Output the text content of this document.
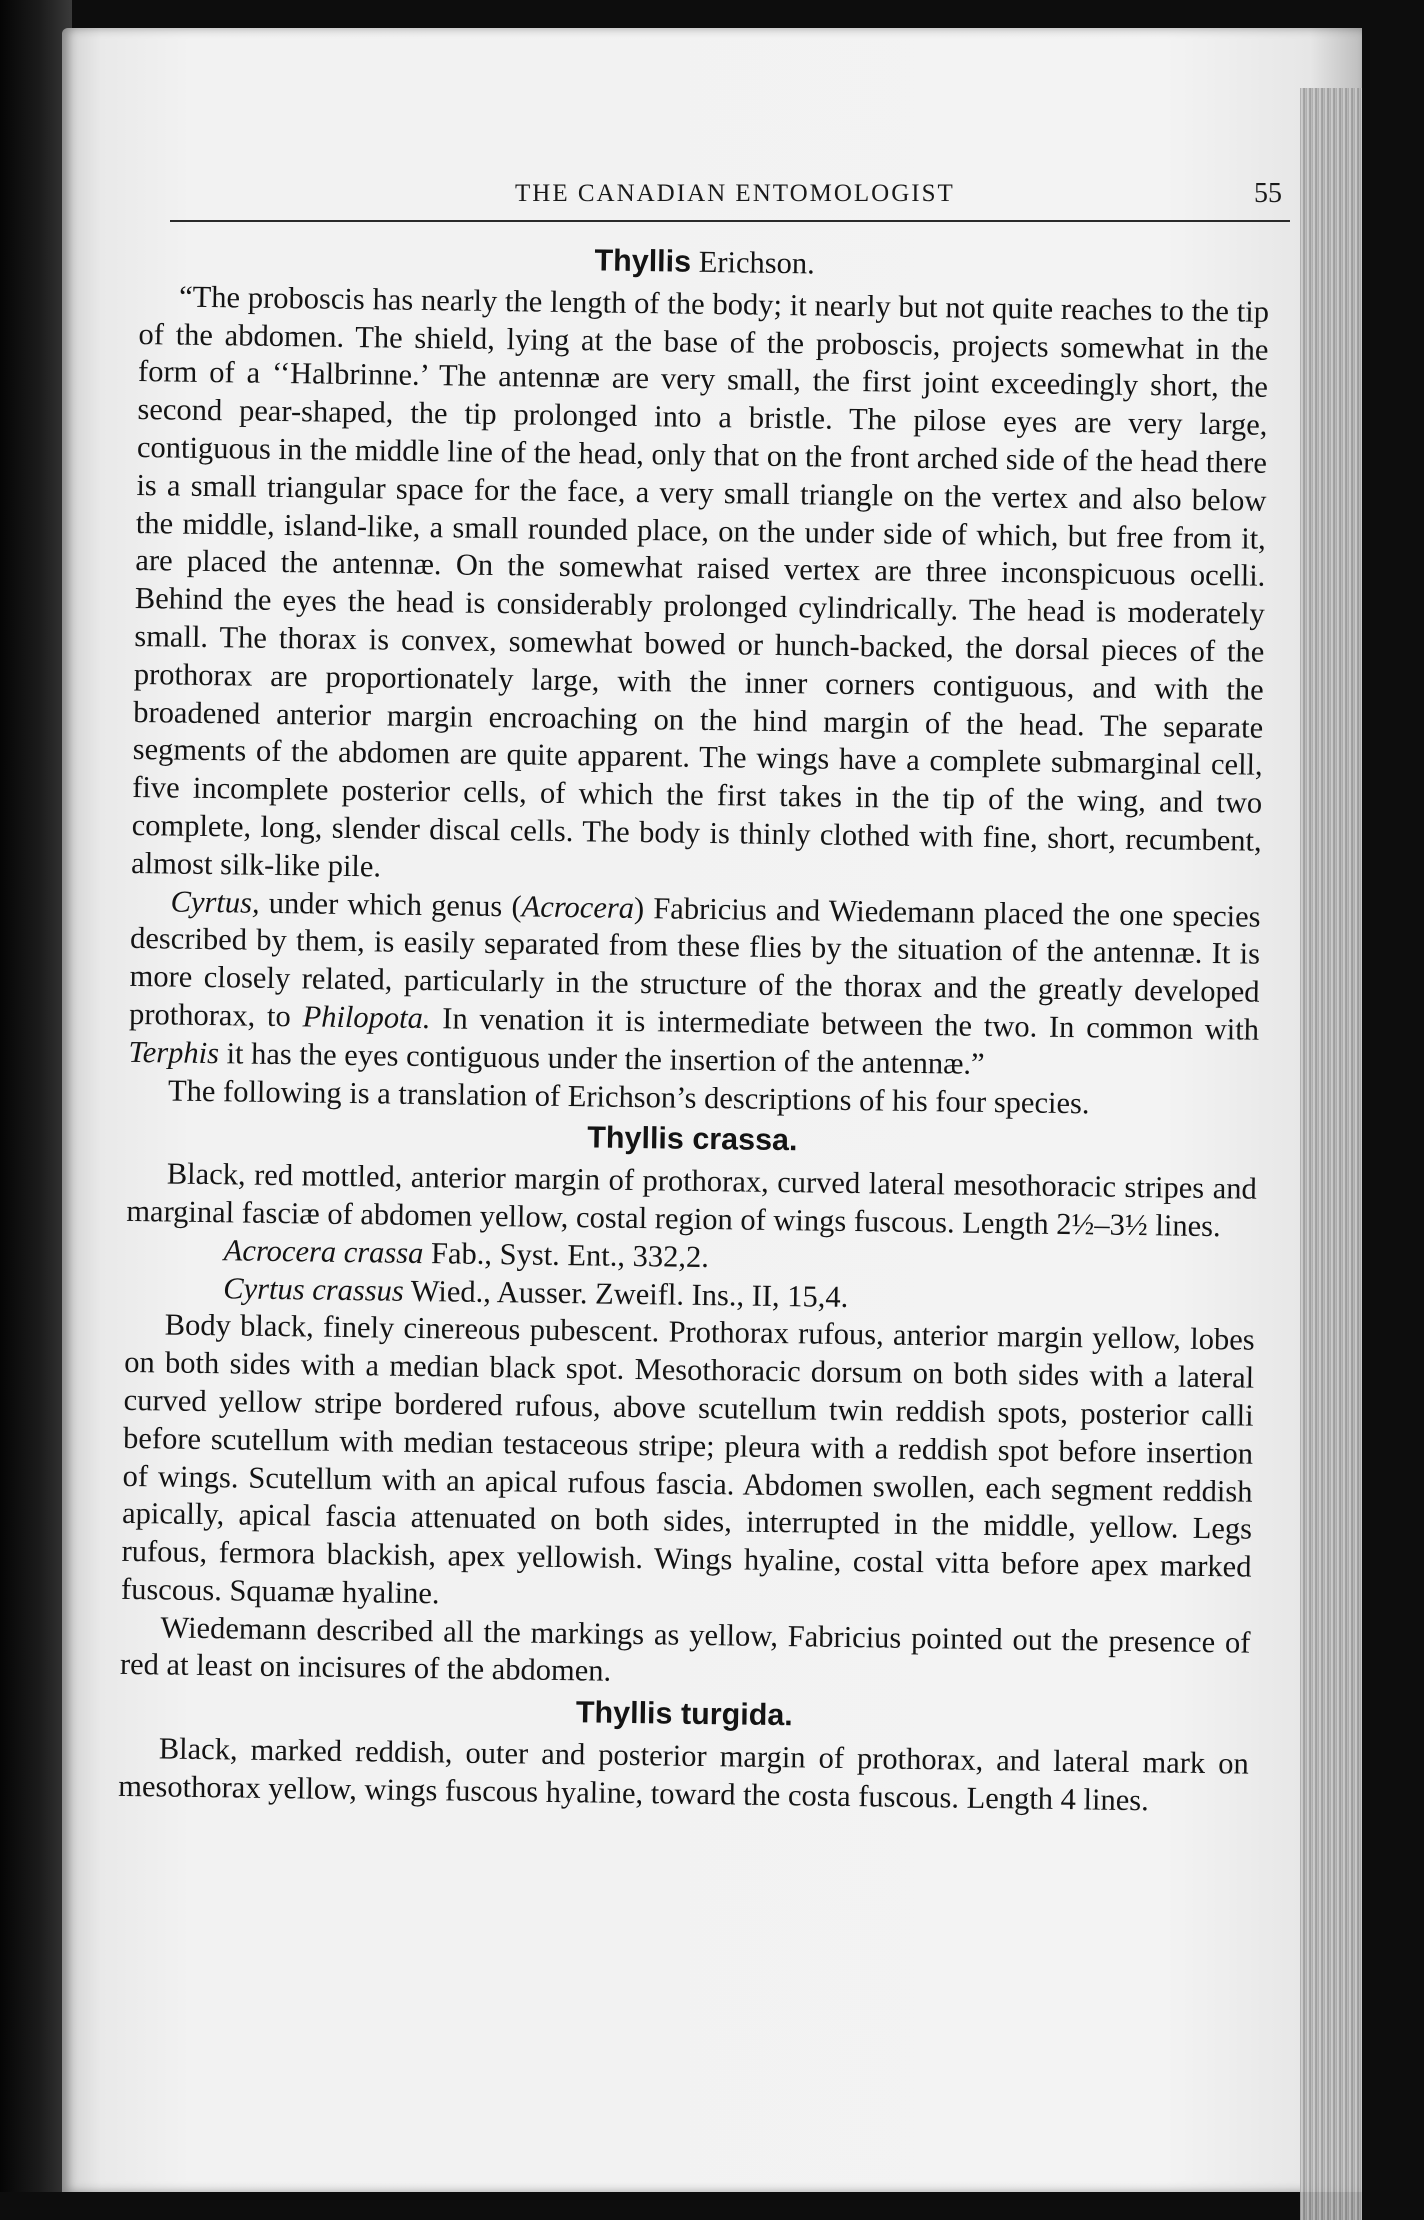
THE CANADIAN ENTOMOLOGIST	55
Thyllis Erichson.

“The proboscis has nearly the length of the body; it nearly but not quite reaches to the tip of the abdomen. The shield, lying at the base of the proboscis, projects somewhat in the form of a ‘‘Halbrinne.’ The antennæ are very small, the first joint exceedingly short, the second pear-shaped, the tip prolonged into a bristle. The pilose eyes are very large, contiguous in the middle line of the head, only that on the front arched side of the head there is a small triangular space for the face, a very small triangle on the vertex and also below the middle, island-like, a small rounded place, on the under side of which, but free from it, are placed the antennæ. On the somewhat raised vertex are three inconspicuous ocelli. Behind the eyes the head is considerably prolonged cylindrically. The head is moderately small. The thorax is convex, somewhat bowed or hunch-backed, the dorsal pieces of the prothorax are proportionately large, with the inner corners contiguous, and with the broadened anterior margin encroaching on the hind margin of the head. The separate segments of the abdomen are quite apparent. The wings have a complete submarginal cell, five incomplete posterior cells, of which the first takes in the tip of the wing, and two complete, long, slender discal cells. The body is thinly clothed with fine, short, recumbent, almost silk-like pile.

Cyrtus, under which genus (Acrocera) Fabricius and Wiedemann placed the one species described by them, is easily separated from these flies by the situation of the antennæ. It is more closely related, particularly in the structure of the thorax and the greatly developed prothorax, to Philopota. In venation it is intermediate between the two. In common with Terphis it has the eyes contiguous under the insertion of the antennæ.”

The following is a translation of Erichson’s descriptions of his four species.

Thyllis crassa.

Black, red mottled, anterior margin of prothorax, curved lateral mesothoracic stripes and marginal fasciæ of abdomen yellow, costal region of wings fuscous. Length 2½–3½ lines.

Acrocera crassa Fab., Syst. Ent., 332,2.

Cyrtus crassus Wied., Ausser. Zweifl. Ins., II, 15,4.

Body black, finely cinereous pubescent. Prothorax rufous, anterior margin yellow, lobes on both sides with a median black spot. Mesothoracic dorsum on both sides with a lateral curved yellow stripe bordered rufous, above scutellum twin reddish spots, posterior calli before scutellum with median testaceous stripe; pleura with a reddish spot before insertion of wings. Scutellum with an apical rufous fascia. Abdomen swollen, each segment reddish apically, apical fascia attenuated on both sides, interrupted in the middle, yellow. Legs rufous, fermora blackish, apex yellowish. Wings hyaline, costal vitta before apex marked fuscous. Squamæ hyaline.

Wiedemann described all the markings as yellow, Fabricius pointed out the presence of red at least on incisures of the abdomen.

Thyllis turgida.

Black, marked reddish, outer and posterior margin of prothorax, and lateral mark on mesothorax yellow, wings fuscous hyaline, toward the costa fuscous. Length 4 lines.
